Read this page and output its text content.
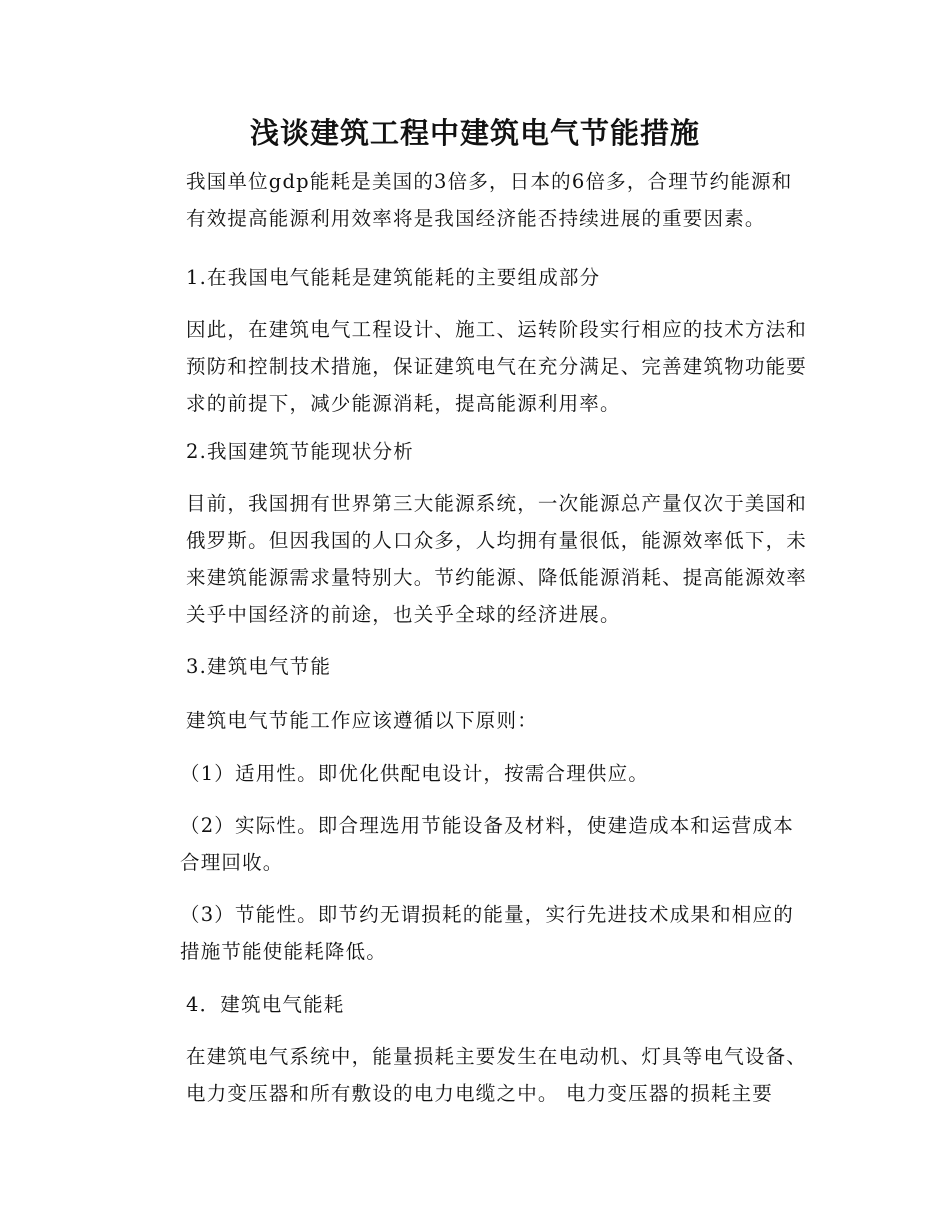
浅谈建筑工程中建筑电气节能措施

我国单位gdp能耗是美国的3倍多，日本的6倍多，合理节约能源和有效提高能源利用效率将是我国经济能否持续进展的重要因素。

1.在我国电气能耗是建筑能耗的主要组成部分

因此，在建筑电气工程设计、施工、运转阶段实行相应的技术方法和预防和控制技术措施，保证建筑电气在充分满足、完善建筑物功能要求的前提下，减少能源消耗，提高能源利用率。

2.我国建筑节能现状分析

目前，我国拥有世界第三大能源系统，一次能源总产量仅次于美国和俄罗斯。但因我国的人口众多，人均拥有量很低，能源效率低下，未来建筑能源需求量特别大。节约能源、降低能源消耗、提高能源效率关乎中国经济的前途，也关乎全球的经济进展。

3.建筑电气节能

建筑电气节能工作应该遵循以下原则：

（1）适用性。即优化供配电设计，按需合理供应。

（2）实际性。即合理选用节能设备及材料，使建造成本和运营成本合理回收。

（3）节能性。即节约无谓损耗的能量，实行先进技术成果和相应的措施节能使能耗降低。

4．建筑电气能耗

在建筑电气系统中，能量损耗主要发生在电动机、灯具等电气设备、电力变压器和所有敷设的电力电缆之中。 电力变压器的损耗主要
